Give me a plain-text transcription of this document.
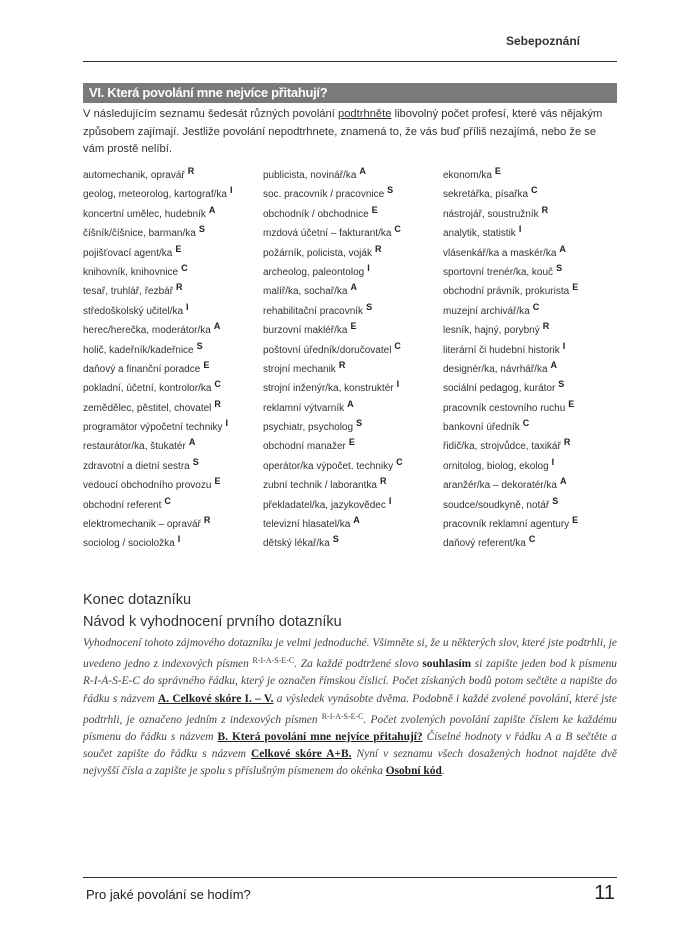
Sebepoznání
VI. Která povolání mne nejvíce přitahují?
V následujícím seznamu šedesát různých povolání podtrhněte libovolný počet profesí, které vás nějakým způsobem zajímají. Jestliže povolání nepodtrhnete, znamená to, že vás buď příliš nezajímá, nebo že se vám prostě nelíbí.
automechanik, opravář $^R$
geolog, meteorolog, kartograf/ka $^I$
koncertní umělec, hudebník $^A$
číšník/číšnice, barman/ka $^S$
pojišťovací agent/ka $^E$
knihovník, knihovnice $^C$
tesař, truhlář, řezbář $^R$
středoškolský učitel/ka $^I$
herec/herečka, moderátor/ka $^A$
holič, kadeřník/kadeřnice $^S$
daňový a finanční poradce $^E$
pokladní, účetní, kontrolor/ka $^C$
zemědělec, pěstitel, chovatel $^R$
programátor výpočetní techniky $^I$
restaurátor/ka, štukatér $^A$
zdravotní a dietní sestra $^S$
vedoucí obchodního provozu $^E$
obchodní referent $^C$
elektromechanik – opravář $^R$
sociolog / socioložka $^I$
publicista, novinář/ka $^A$
soc. pracovník / pracovnice $^S$
obchodník / obchodnice $^E$
mzdová účetní – fakturant/ka $^C$
požárník, policista, voják $^R$
archeolog, paleontolog $^I$
malíř/ka, sochař/ka $^A$
rehabilitační pracovník $^S$
burzovní makléř/ka $^E$
poštovní úředník/doručovatel $^C$
strojní mechanik $^R$
strojní inženýr/ka, konstruktér $^I$
reklamní výtvarník $^A$
psychiatr, psycholog $^S$
obchodní manažer $^E$
operátor/ka výpočet. techniky $^C$
zubní technik / laborantka $^R$
překladatel/ka, jazykovědec $^I$
televizní hlasatel/ka $^A$
dětský lékař/ka $^S$
ekonom/ka $^E$
sekretářka, písařka $^C$
nástrojář, soustružník $^R$
analytik, statistik $^I$
vlásenkář/ka a maskér/ka $^A$
sportovní trenér/ka, kouč $^S$
obchodní právník, prokurista $^E$
muzejní archivář/ka $^C$
lesník, hajný, porybný $^R$
literární či hudební historik $^I$
designér/ka, návrhář/ka $^A$
sociální pedagog, kurátor $^S$
pracovník cestovního ruchu $^E$
bankovní úředník $^C$
řidič/ka, strojvůdce, taxikář $^R$
ornitolog, biolog, ekolog $^I$
aranžér/ka – dekoratér/ka $^A$
soudce/soudkyně, notář $^S$
pracovník reklamní agentury $^E$
daňový referent/ka $^C$
Konec dotazníku
Návod k vyhodnocení prvního dotazníku
Vyhodnocení tohoto zájmového dotazníku je velmi jednoduché. Všimněte si, že u některých slov, které jste podtrhli, je uvedeno jedno z indexových písmen $^{R-I-A-S-E-C}$. Za každé podtržené slovo souhlasím si zapište jeden bod k písmenu R-I-A-S-E-C do správného řádku, který je označen římskou číslicí. Počet získaných bodů potom sečtěte a napište do řádku s názvem A. Celkové skóre I. – V. a výsledek vynásobte dvěma. Podobně i každé zvolené povolání, které jste podtrhli, je označeno jedním z indexových písmen $^{R-I-A-S-E-C}$. Počet zvolených povolání zapište číslem ke každému písmenu do řádku s názvem B. Která povolání mne nejvíce přitahují? Číselné hodnoty v řádku A a B sečtěte a součet zapište do řádku s názvem Celkové skóre A+B. Nyní v seznamu všech dosažených hodnot najděte dvě nejvyšší čísla a zapište je spolu s příslušným písmenem do okénka Osobní kód.
Pro jaké povolání se hodím?	11
